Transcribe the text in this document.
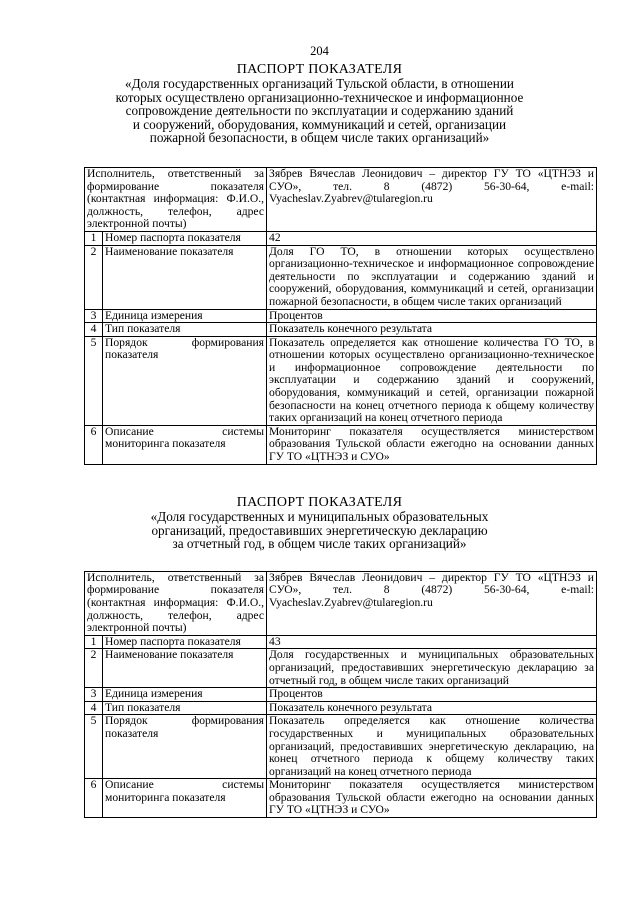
204
ПАСПОРТ ПОКАЗАТЕЛЯ
«Доля государственных организаций Тульской области, в отношении
которых осуществлено организационно-техническое и информационное
сопровождение деятельности по эксплуатации и содержанию зданий
и сооружений, оборудования, коммуникаций и сетей, организации
пожарной безопасности, в общем числе таких организаций»
Исполнитель, ответственный за формирование показателя (контактная информация: Ф.И.О., должность, телефон, адрес электронной почты)		Зябрев Вячеслав Леонидович – директор ГУ ТО «ЦТНЭЗ и СУО», тел. 8 (4872) 56-30-64, e-mail: Vyacheslav.Zyabrev@tularegion.ru
1	Номер паспорта показателя	42
2	Наименование показателя	Доля ГО ТО, в отношении которых осуществлено организационно-техническое и информационное сопровождение деятельности по эксплуатации и содержанию зданий и сооружений, оборудования, коммуникаций и сетей, организации пожарной безопасности, в общем числе таких организаций
3	Единица измерения	Процентов
4	Тип показателя	Показатель конечного результата
5	Порядок формирования показателя	Показатель определяется как отношение количества ГО ТО, в отношении которых осуществлено организационно-техническое и информационное сопровождение деятельности по эксплуатации и содержанию зданий и сооружений, оборудования, коммуникаций и сетей, организации пожарной безопасности на конец отчетного периода к общему количеству таких организаций на конец отчетного периода
6	Описание системы мониторинга показателя	Мониторинг показателя осуществляется министерством образования Тульской области ежегодно на основании данных ГУ ТО «ЦТНЭЗ и СУО»
ПАСПОРТ ПОКАЗАТЕЛЯ
«Доля государственных и муниципальных образовательных
организаций, предоставивших энергетическую декларацию
за отчетный год, в общем числе таких организаций»
Исполнитель, ответственный за формирование показателя (контактная информация: Ф.И.О., должность, телефон, адрес электронной почты)		Зябрев Вячеслав Леонидович – директор ГУ ТО «ЦТНЭЗ и СУО», тел. 8 (4872) 56-30-64, e-mail: Vyacheslav.Zyabrev@tularegion.ru
1	Номер паспорта показателя	43
2	Наименование показателя	Доля государственных и муниципальных образовательных организаций, предоставивших энергетическую декларацию за отчетный год, в общем числе таких организаций
3	Единица измерения	Процентов
4	Тип показателя	Показатель конечного результата
5	Порядок формирования показателя	Показатель определяется как отношение количества государственных и муниципальных образовательных организаций, предоставивших энергетическую декларацию, на конец отчетного периода к общему количеству таких организаций на конец отчетного периода
6	Описание системы мониторинга показателя	Мониторинг показателя осуществляется министерством образования Тульской области ежегодно на основании данных ГУ ТО «ЦТНЭЗ и СУО»
